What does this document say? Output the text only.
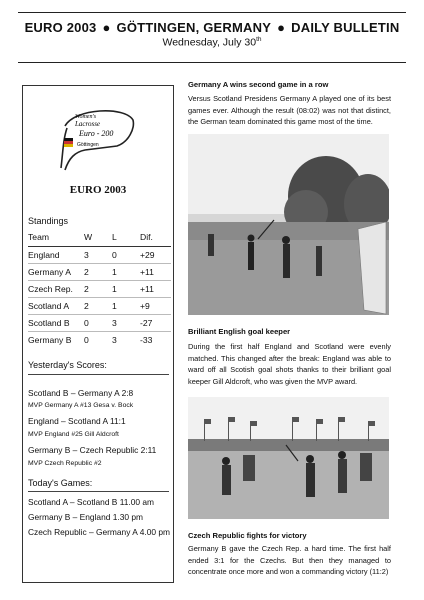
EURO 2003 ● GÖTTINGEN, GERMANY ● DAILY BULLETIN
Wednesday, July 30th
Women's
Lacrosse
Euro - 200
Göttingen
EURO 2003
Standings
Team	W	L	Dif.
England	3	0	+29
Germany A	2	1	+11
Czech Rep.	2	1	+11
Scotland A	2	1	+9
Scotland B	0	3	-27
Germany B	0	3	-33
Yesterday's Scores:
Scotland B – Germany A 2:8
MVP Germany A #13 Gesa v. Bock
England – Scotland A 11:1
MVP England #25 Gill Aldcroft
Germany B – Czech Republic 2:11
MVP Czech Republic #2
Today's Games:
Scotland A – Scotland B 11.00 am
Germany B – England 1.30 pm
Czech Republic – Germany A 4.00 pm
Germany A wins second game in a row
Versus Scotland Presidens Germany A played one of its best games ever. Although the result (08:02) was not that distinct, the German team dominated this game most of the time.
Brilliant English goal keeper
During the first half England and Scotland were evenly matched. This changed after the break: England was able to ward off all Scotish goal shots thanks to their brilliant goal keeper Gill Aldcroft, who was given the MVP award.
Czech Republic fights for victory
Germany B gave the Czech Rep. a hard time. The first half ended 3:1 for the Czechs. But then they managed to concentrate once more and won a commanding victory (11:2)
